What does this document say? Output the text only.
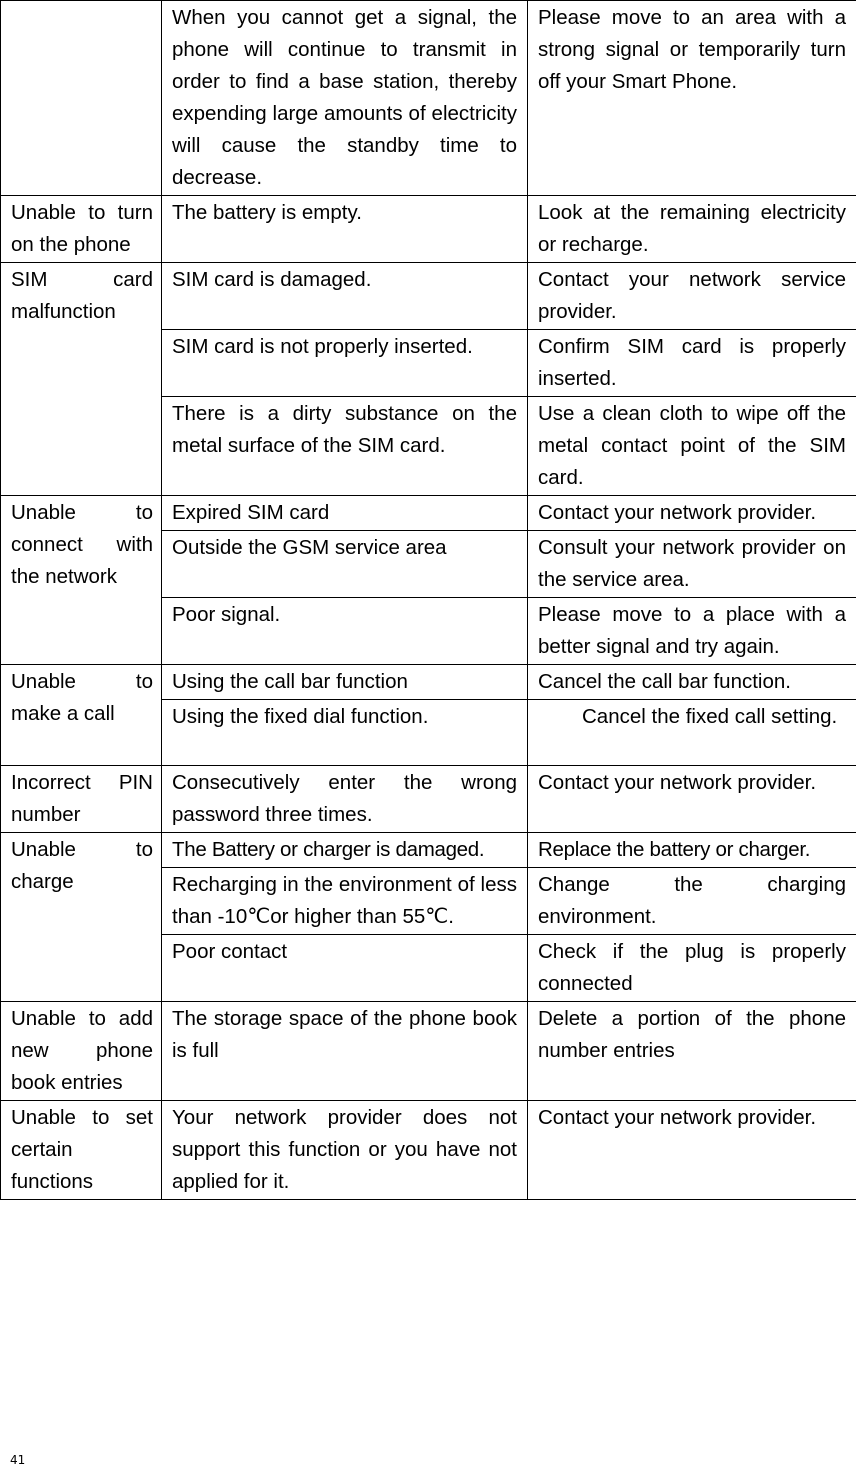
	When you cannot get a signal, the phone will continue to transmit in order to find a base station, thereby expending large amounts of electricity will cause the standby time to decrease.	Please move to an area with a strong signal or temporarily turn off your Smart Phone.
Unable to turn on the phone	The battery is empty.	Look at the remaining electricity or recharge.
SIM card malfunction	SIM card is damaged.	Contact your network service provider.
	SIM card is not properly inserted.	Confirm SIM card is properly inserted.
	There is a dirty substance on the metal surface of the SIM card.	Use a clean cloth to wipe off the metal contact point of the SIM card.
Unable to connect with the network	Expired SIM card	Contact your network provider.
	Outside the GSM service area	Consult your network provider on the service area.
	Poor signal.	Please move to a place with a better signal and try again.
Unable to make a call	Using the call bar function	Cancel the call bar function.
	Using the fixed dial function.	Cancel the fixed call setting.
Incorrect PIN number	Consecutively enter the wrong password three times.	Contact your network provider.
Unable to charge	The Battery or charger is damaged.	Replace the battery or charger.
	Recharging in the environment of less than -10℃or higher than 55℃.	Change the charging environment.
	Poor contact	Check if the plug is properly connected
Unable to add new phone book entries	The storage space of the phone book is full	Delete a portion of the phone number entries
Unable to set certain functions	Your network provider does not support this function or you have not applied for it.	Contact your network provider.
41
